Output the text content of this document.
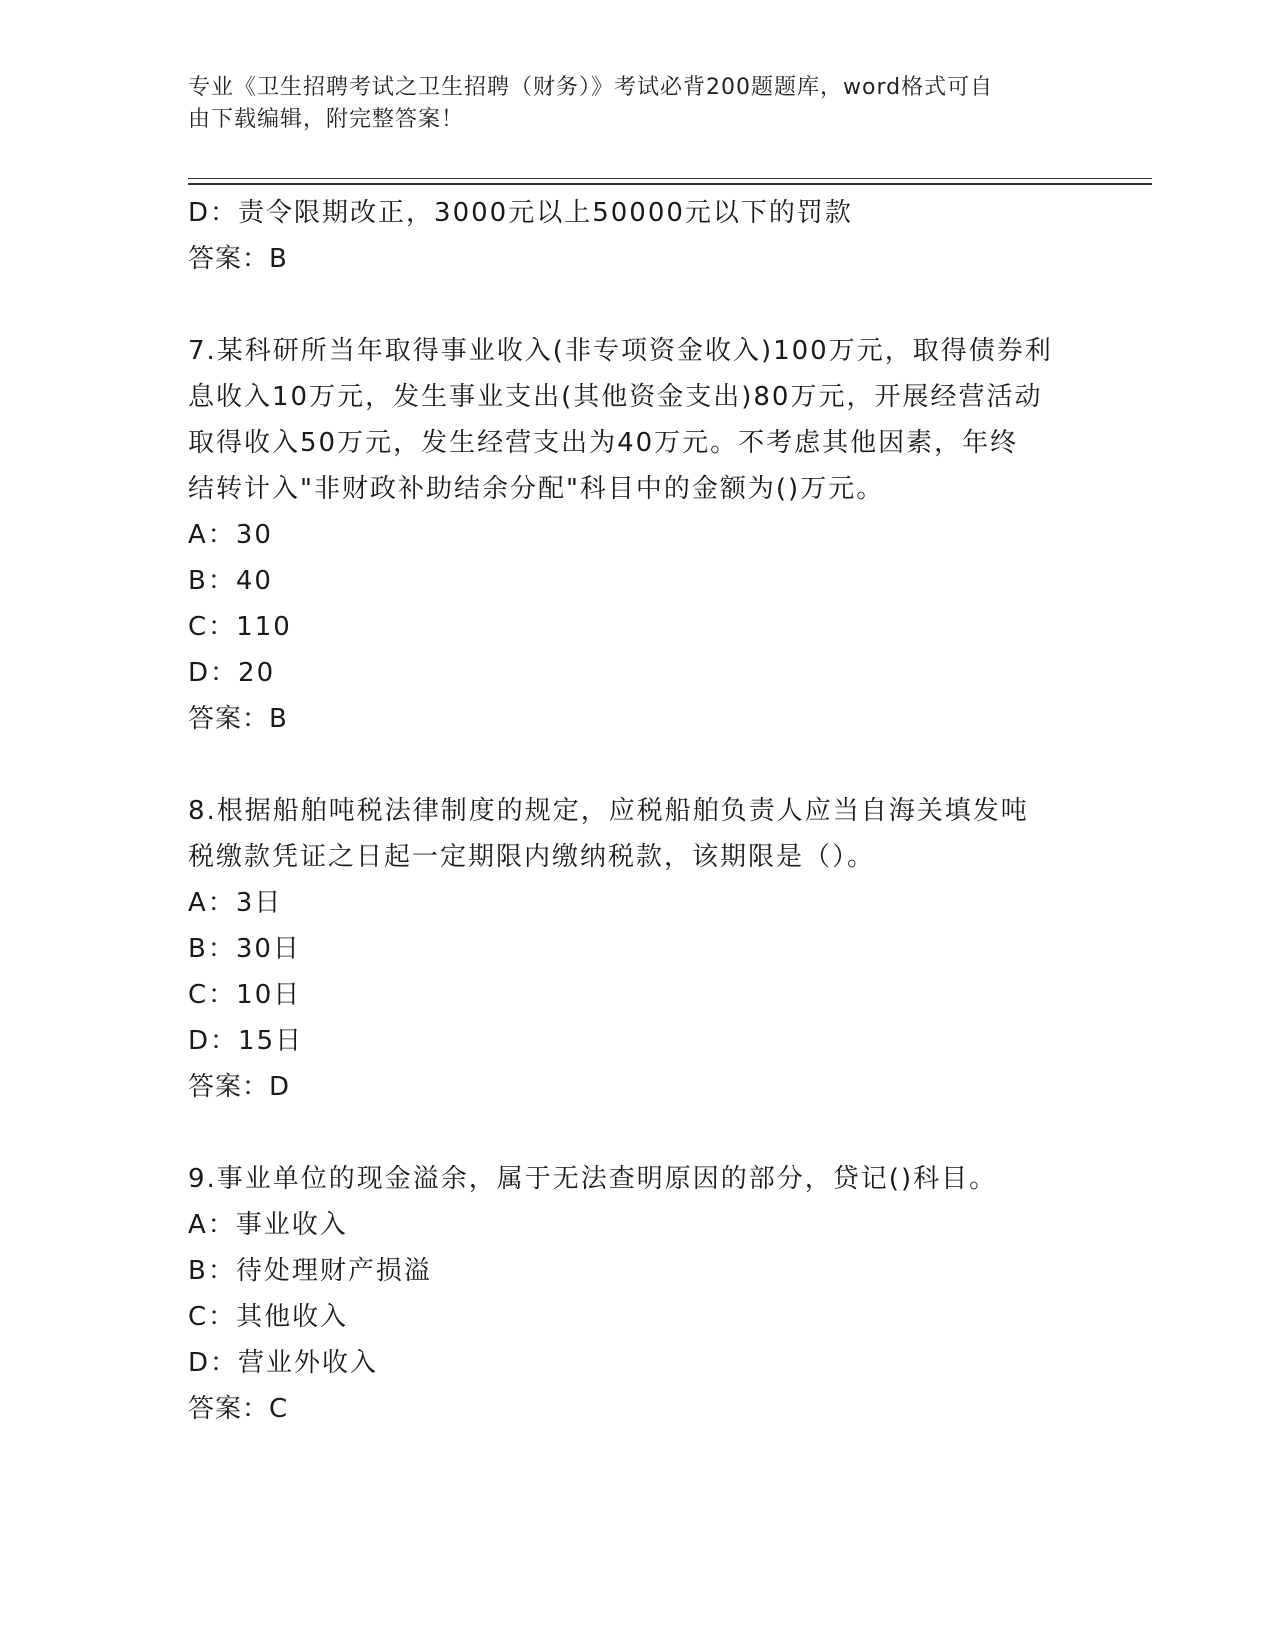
专业《卫生招聘考试之卫生招聘（财务）》考试必背200题题库，word格式可自
由下载编辑，附完整答案！
D：责令限期改正，3000元以上50000元以下的罚款
答案：B
7.某科研所当年取得事业收入(非专项资金收入)100万元，取得债券利
息收入10万元，发生事业支出(其他资金支出)80万元，开展经营活动
取得收入50万元，发生经营支出为40万元。不考虑其他因素，年终
结转计入"非财政补助结余分配"科目中的金额为()万元。
A：30
B：40
C：110
D：20
答案：B
8.根据船舶吨税法律制度的规定，应税船舶负责人应当自海关填发吨
税缴款凭证之日起一定期限内缴纳税款，该期限是（）。
A：3日
B：30日
C：10日
D：15日
答案：D
9.事业单位的现金溢余，属于无法查明原因的部分，贷记()科目。
A：事业收入
B：待处理财产损溢
C：其他收入
D：营业外收入
答案：C
